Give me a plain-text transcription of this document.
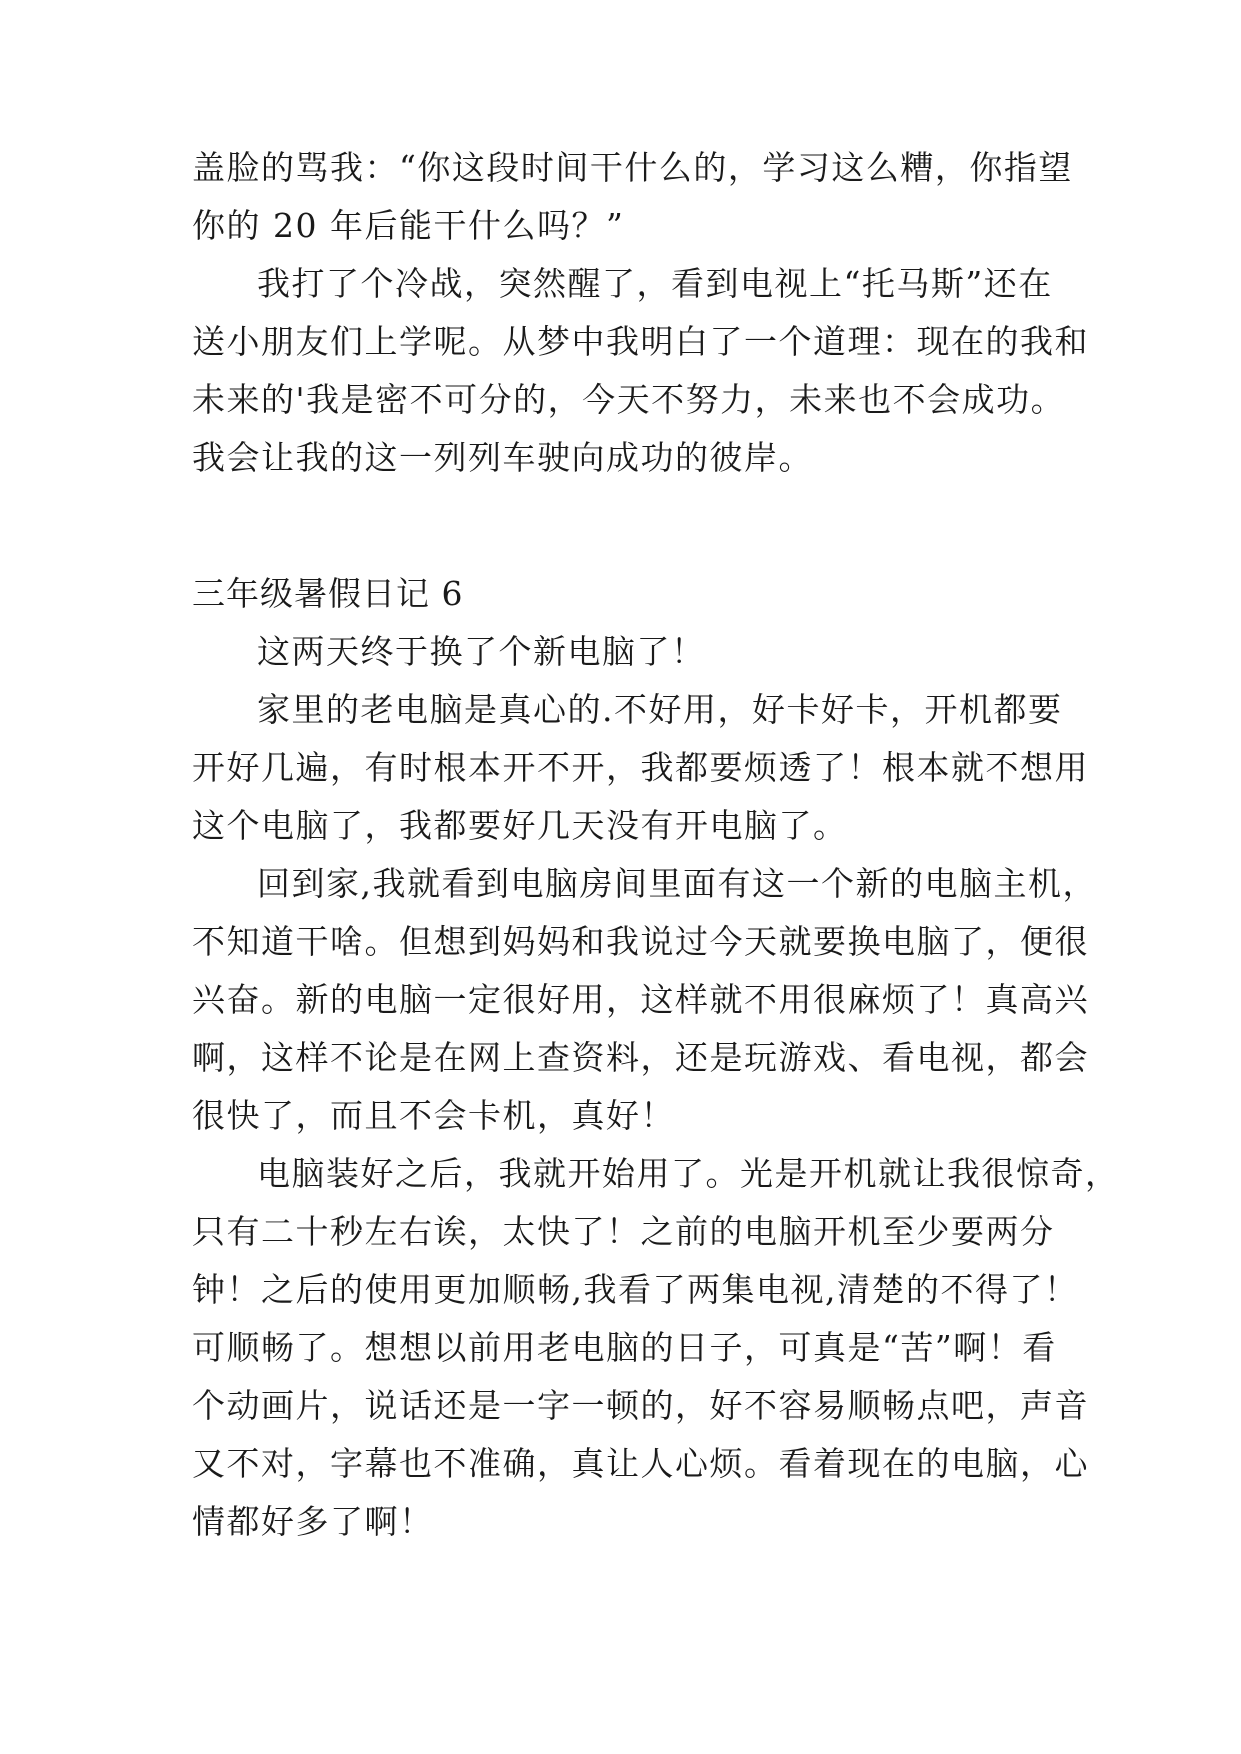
盖脸的骂我：“你这段时间干什么的，学习这么糟，你指望
你的 20 年后能干什么吗？”
我打了个冷战，突然醒了，看到电视上“托马斯”还在
送小朋友们上学呢。从梦中我明白了一个道理：现在的我和
未来的'我是密不可分的，今天不努力，未来也不会成功。
我会让我的这一列列车驶向成功的彼岸。
三年级暑假日记 6
这两天终于换了个新电脑了！
家里的老电脑是真心的.不好用，好卡好卡，开机都要
开好几遍，有时根本开不开，我都要烦透了！根本就不想用
这个电脑了，我都要好几天没有开电脑了。
回到家,我就看到电脑房间里面有这一个新的电脑主机，
不知道干啥。但想到妈妈和我说过今天就要换电脑了，便很
兴奋。新的电脑一定很好用，这样就不用很麻烦了！真高兴
啊，这样不论是在网上查资料，还是玩游戏、看电视，都会
很快了，而且不会卡机，真好！
电脑装好之后，我就开始用了。光是开机就让我很惊奇，
只有二十秒左右诶，太快了！之前的电脑开机至少要两分
钟！之后的使用更加顺畅,我看了两集电视,清楚的不得了！
可顺畅了。想想以前用老电脑的日子，可真是“苦”啊！看
个动画片，说话还是一字一顿的，好不容易顺畅点吧，声音
又不对，字幕也不准确，真让人心烦。看着现在的电脑，心
情都好多了啊！
